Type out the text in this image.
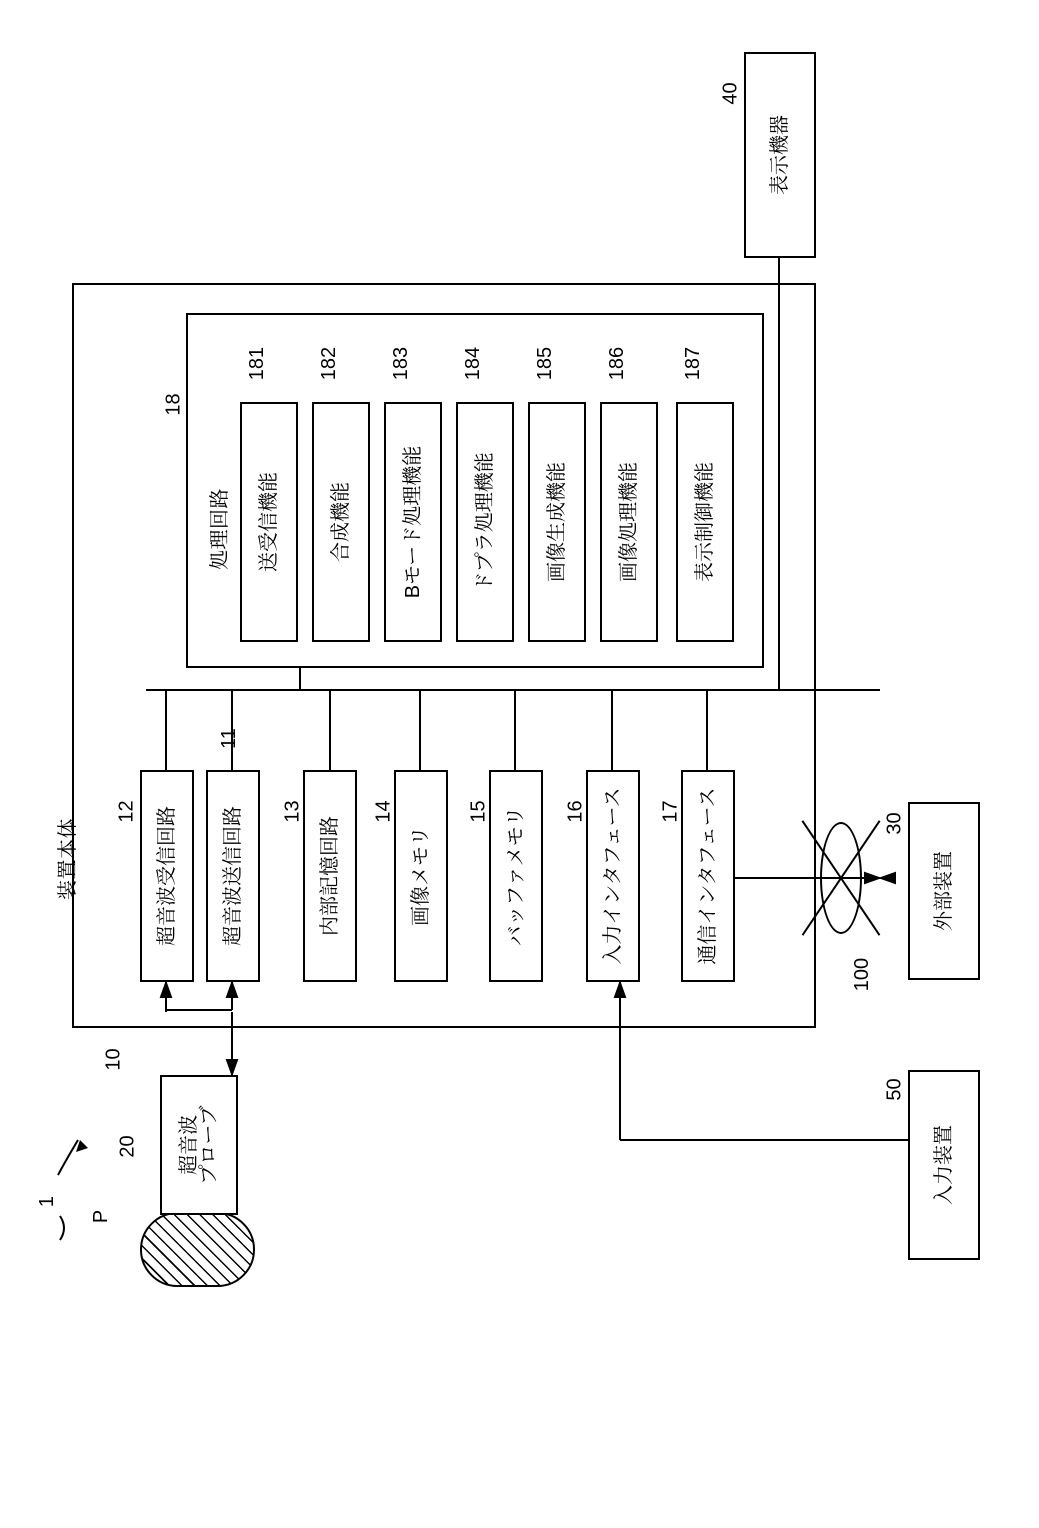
1
P
超音波
プローブ
20
装置本体
10
処理回路
18
送受信機能
181
合成機能
182
Bモード処理機能
183
ドプラ処理機能
184
画像生成機能
185
画像処理機能
186
表示制御機能
187
超音波受信回路
12	超音波送信回路
11
内部記憶回路
13
画像メモリ
14	バッファメモリ
15	入力インタフェース
16	通信インタフェース
17
表示機器
40
100
外部装置
30
入力装置
50
